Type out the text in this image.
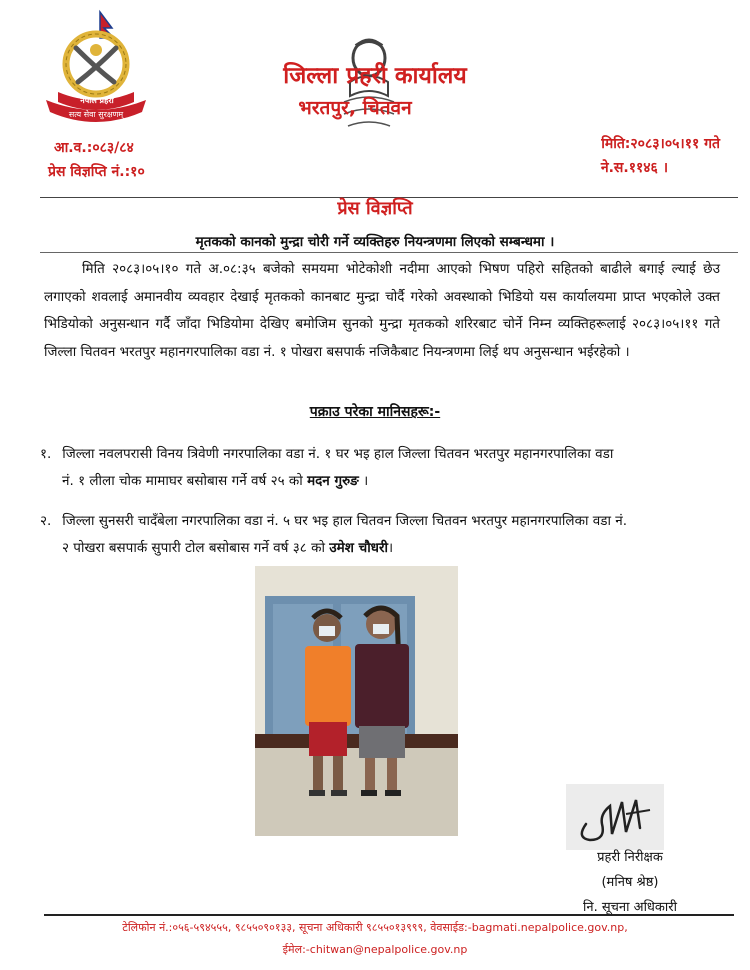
नेपाल प्रहरी
सत्य सेवा सुरक्षणम्
जिल्ला प्रहरी कार्यालय
भरतपुर, चितवन
आ.व.:०८३/८४
प्रेस विज्ञप्ति नं.:१०
मिति:२०८३।०५।११ गते
ने.स.११४६ ।
प्रेस विज्ञप्ति
मृतकको कानको मुन्द्रा चोरी गर्ने व्यक्तिहरु नियन्त्रणमा लिएको सम्बन्धमा ।
मिति २०८३।०५।१० गते अ.०८:३५ बजेको समयमा भोटेकोशी नदीमा आएको भिषण पहिरो सहितको बाढीले बगाई ल्याई छेउ लगाएको शवलाई अमानवीय व्यवहार देखाई मृतकको कानबाट मुन्द्रा चोर्दै गरेको अवस्थाको भिडियो यस कार्यालयमा प्राप्त भएकोले उक्त भिडियोको अनुसन्धान गर्दै जाँदा भिडियोमा देखिए बमोजिम सुनको मुन्द्रा मृतकको शरिरबाट चोर्ने निम्न व्यक्तिहरूलाई २०८३।०५।११ गते जिल्ला चितवन भरतपुर महानगरपालिका वडा नं. १ पोखरा बसपार्क नजिकैबाट नियन्त्रणमा लिई थप अनुसन्धान भईरहेको ।
पक्राउ परेका मानिसहरू:-
१. जिल्ला नवलपरासी विनय त्रिवेणी नगरपालिका वडा नं. १ घर भइ हाल जिल्ला चितवन भरतपुर महानगरपालिका वडा
नं. १ लीला चोक मामाघर बसोबास गर्ने वर्ष २५ को मदन गुरुङ ।
२. जिल्ला सुनसरी चादँबेला नगरपालिका वडा नं. ५ घर भइ हाल चितवन जिल्ला चितवन भरतपुर महानगरपालिका वडा नं.
२ पोखरा बसपार्क सुपारी टोल बसोबास गर्ने वर्ष ३८ को उमेश चौधरी।
प्रहरी निरीक्षक
(मनिष श्रेष्ठ)
नि. सूचना अधिकारी
टेलिफोन नं.:०५६-५९४५५५, ९८५५०९०१३३, सूचना अधिकारी ९८५५०१३९९९, वेवसाईड:-bagmati.nepalpolice.gov.np,
ईमेल:-chitwan@nepalpolice.gov.np
